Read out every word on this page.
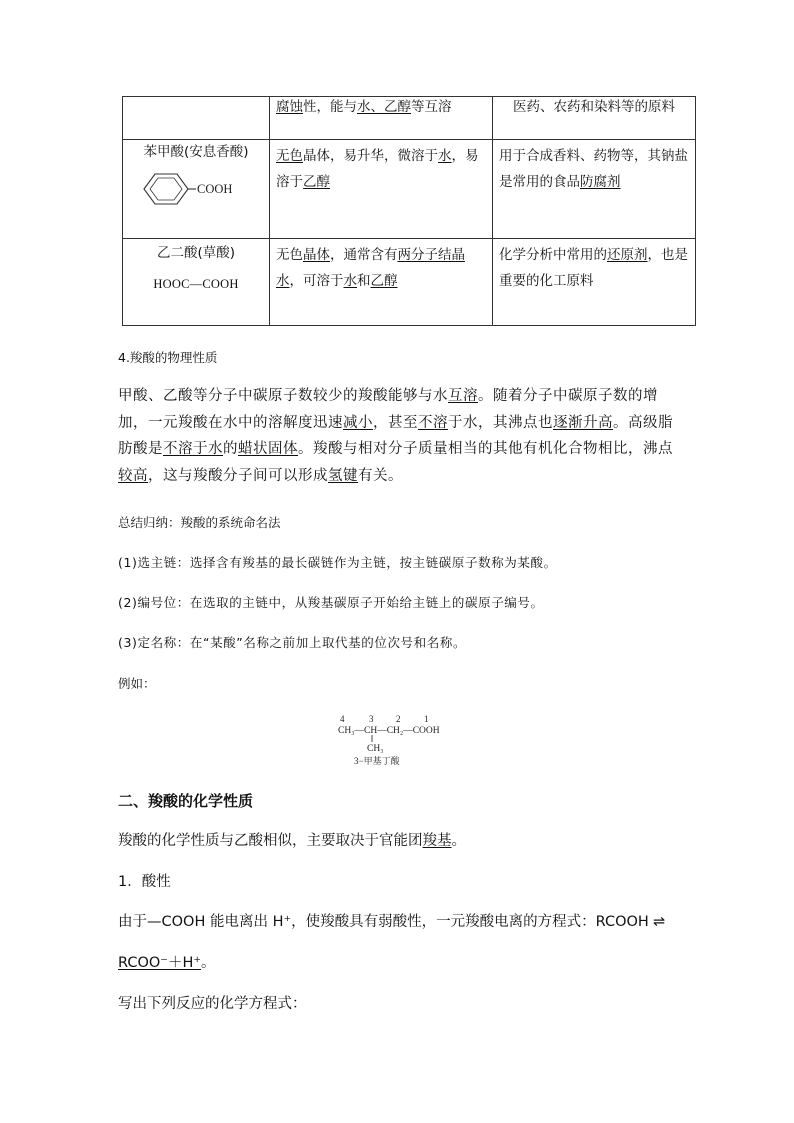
	腐蚀性，能与水、乙醇等互溶	医药、农药和染料等的原料

苯甲酸(安息香酸)
COOH	无色晶体，易升华，微溶于水，易溶于乙醇	用于合成香料、药物等，其钠盐是常用的食品防腐剂

乙二酸(草酸)
HOOC—COOH	无色晶体，通常含有两分子结晶水，可溶于水和乙醇	化学分析中常用的还原剂，也是重要的化工原料

4.羧酸的物理性质

甲酸、乙酸等分子中碳原子数较少的羧酸能够与水互溶。随着分子中碳原子数的增加，一元羧酸在水中的溶解度迅速减小，甚至不溶于水，其沸点也逐渐升高。高级脂肪酸是不溶于水的蜡状固体。羧酸与相对分子质量相当的其他有机化合物相比，沸点较高，这与羧酸分子间可以形成氢键有关。

总结归纳：羧酸的系统命名法

(1)选主链：选择含有羧基的最长碳链作为主链，按主链碳原子数称为某酸。

(2)编号位：在选取的主链中，从羧基碳原子开始给主链上的碳原子编号。

(3)定名称：在“某酸”名称之前加上取代基的位次号和名称。

例如：

4	3	2	1
CH₃—CH—CH₂—COOH
CH₃
3−甲基丁酸

二、羧酸的化学性质

羧酸的化学性质与乙酸相似，主要取决于官能团羧基。

1．酸性

由于—COOH 能电离出 H⁺，使羧酸具有弱酸性，一元羧酸电离的方程式：RCOOH ⇌

RCOO⁻＋H⁺。

写出下列反应的化学方程式：
